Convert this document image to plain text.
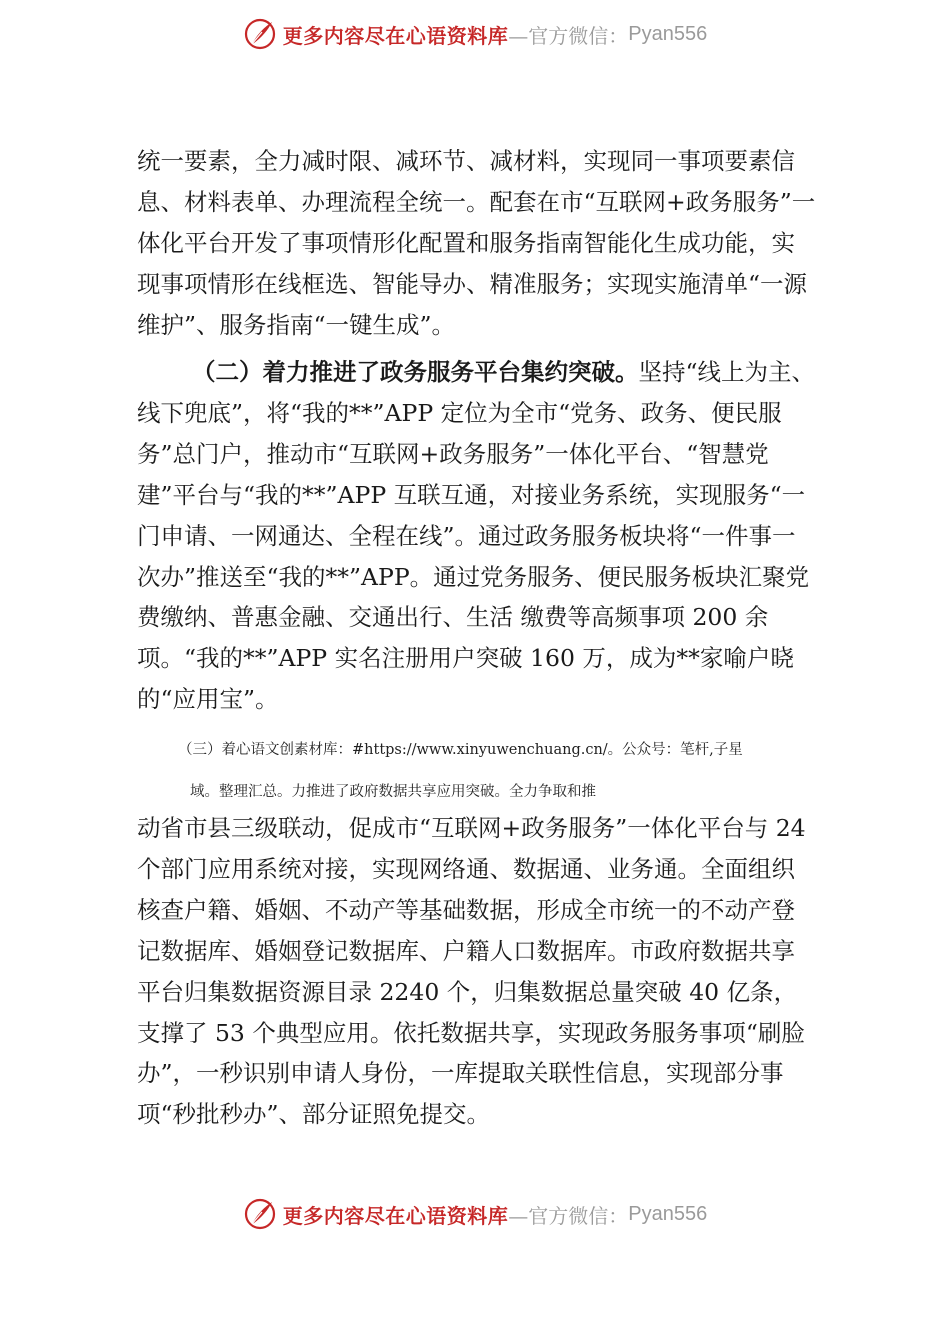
更多内容尽在心语资料库 —官方微信： Pyan556

统一要素，全力减时限、减环节、减材料，实现同一事项要素信息、材料表单、办理流程全统一。配套在市“互联网+政务服务”一体化平台开发了事项情形化配置和服务指南智能化生成功能，实现事项情形在线框选、智能导办、精准服务；实现实施清单“一源维护”、服务指南“一键生成”。

（二）着力推进了政务服务平台集约突破。坚持“线上为主、线下兜底”，将“我的**”APP 定位为全市“党务、政务、便民服务”总门户，推动市“互联网+政务服务”一体化平台、“智慧党建”平台与“我的**”APP 互联互通，对接业务系统，实现服务“一门申请、一网通达、全程在线”。通过政务服务板块将“一件事一次办”推送至“我的**”APP。通过党务服务、便民服务板块汇聚党费缴纳、普惠金融、交通出行、生活 缴费等高频事项 200 余项。“我的**”APP 实名注册用户突破 160 万，成为**家喻户晓的“应用宝”。

（三）着心语文创素材库：#https://www.xinyuwenchuang.cn/。公众号：笔杆,子星
域。整理汇总。力推进了政府数据共享应用突破。全力争取和推

动省市县三级联动，促成市“互联网+政务服务”一体化平台与 24 个部门应用系统对接，实现网络通、数据通、业务通。全面组织核查户籍、婚姻、不动产等基础数据，形成全市统一的不动产登记数据库、婚姻登记数据库、户籍人口数据库。市政府数据共享平台归集数据资源目录 2240 个，归集数据总量突破 40 亿条，支撑了 53 个典型应用。依托数据共享，实现政务服务事项“刷脸办”，一秒识别申请人身份，一库提取关联性信息，实现部分事项“秒批秒办”、部分证照免提交。

更多内容尽在心语资料库 —官方微信： Pyan556
